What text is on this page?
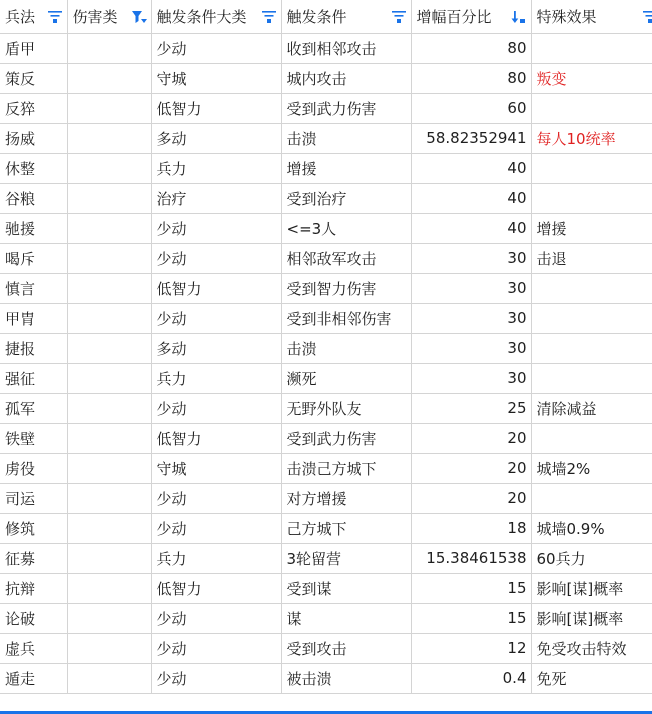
兵法	伤害类	触发条件大类	触发条件	增幅百分比	特殊效果

盾甲		少动	收到相邻攻击	80	
策反		守城	城内攻击	80	叛变
反猝		低智力	受到武力伤害	60	
扬威		多动	击溃	58.82352941	每人10统率
休整		兵力	增援	40	
谷粮		治疗	受到治疗	40	
驰援		少动	<=3人	40	增援
喝斥		少动	相邻敌军攻击	30	击退
慎言		低智力	受到智力伤害	30	
甲胄		少动	受到非相邻伤害	30	
捷报		多动	击溃	30	
强征		兵力	濒死	30	
孤军		少动	无野外队友	25	清除减益
铁壁		低智力	受到武力伤害	20	
虏役		守城	击溃己方城下	20	城墙2%
司运		少动	对方增援	20	
修筑		少动	己方城下	18	城墙0.9%
征募		兵力	3轮留营	15.38461538	60兵力
抗辩		低智力	受到谋	15	影响[谋]概率
论破		少动	谋	15	影响[谋]概率
虚兵		少动	受到攻击	12	免受攻击特效
遁走		少动	被击溃	0.4	免死
